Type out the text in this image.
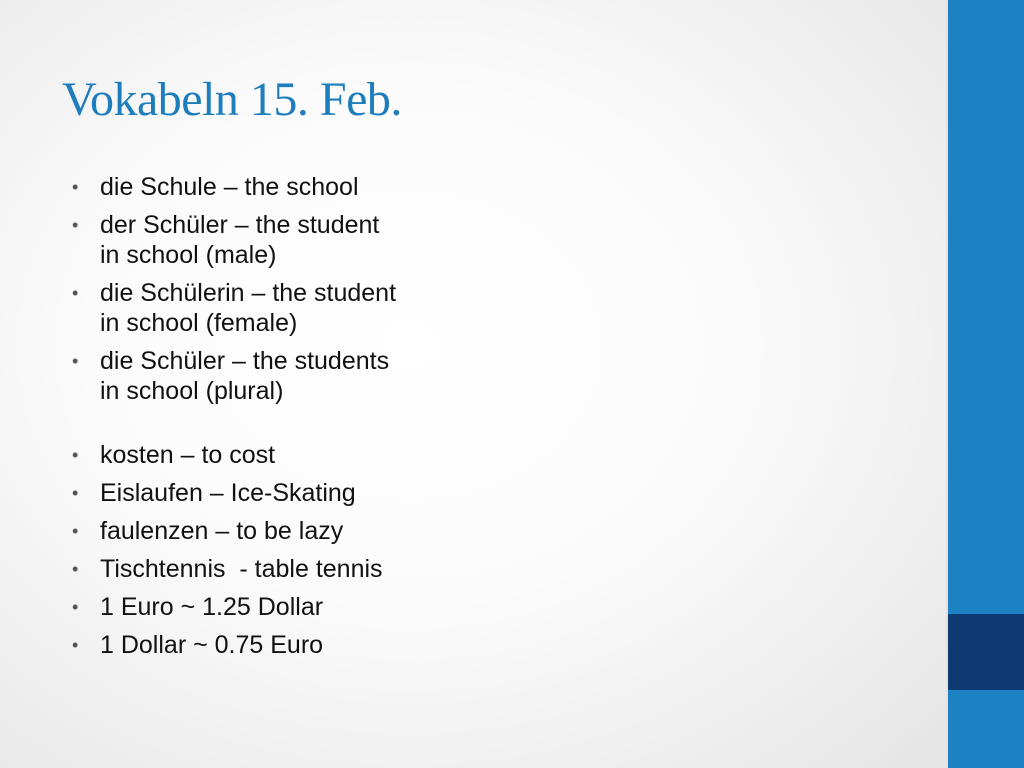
Vokabeln 15. Feb.
• die Schule – the school
• der Schüler – the student
in school (male)
• die Schülerin – the student
in school (female)
• die Schüler – the students
in school (plural)
• kosten – to cost
• Eislaufen – Ice-Skating
• faulenzen – to be lazy
• Tischtennis  - table tennis
• 1 Euro ~ 1.25 Dollar
• 1 Dollar ~ 0.75 Euro
